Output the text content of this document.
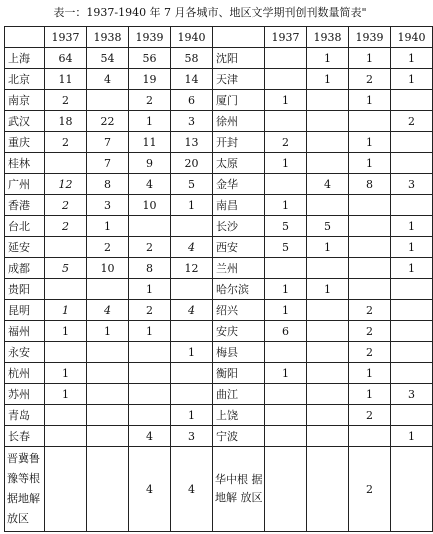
表一：1937-1940 年 7 月各城市、地区文学期刊创刊数量简表"
	1937	1938	1939	1940		1937	1938	1939	1940
上海	64	54	56	58	沈阳		1	1	1
北京	11	4	19	14	天津		1	2	1
南京	2		2	6	厦门	1		1	
武汉	18	22	1	3	徐州				2
重庆	2	7	11	13	开封	2		1	
桂林		7	9	20	太原	1		1	
广州	12	8	4	5	金华		4	8	3
香港	2	3	10	1	南昌	1			
台北	2	1			长沙	5	5		1
延安		2	2	4	西安	5	1		1
成都	5	10	8	12	兰州				1
贵阳			1		哈尔滨	1	1		
昆明	1	4	2	4	绍兴	1		2	
福州	1	1	1		安庆	6		2	
永安				1	梅县			2	
杭州	1				衡阳	1		1	
苏州	1				曲江			1	3
青岛				1	上饶			2	
长春			4	3	宁波				1
晋冀鲁豫等根据地解放区			4	4	华中根 据地解 放区			2	
